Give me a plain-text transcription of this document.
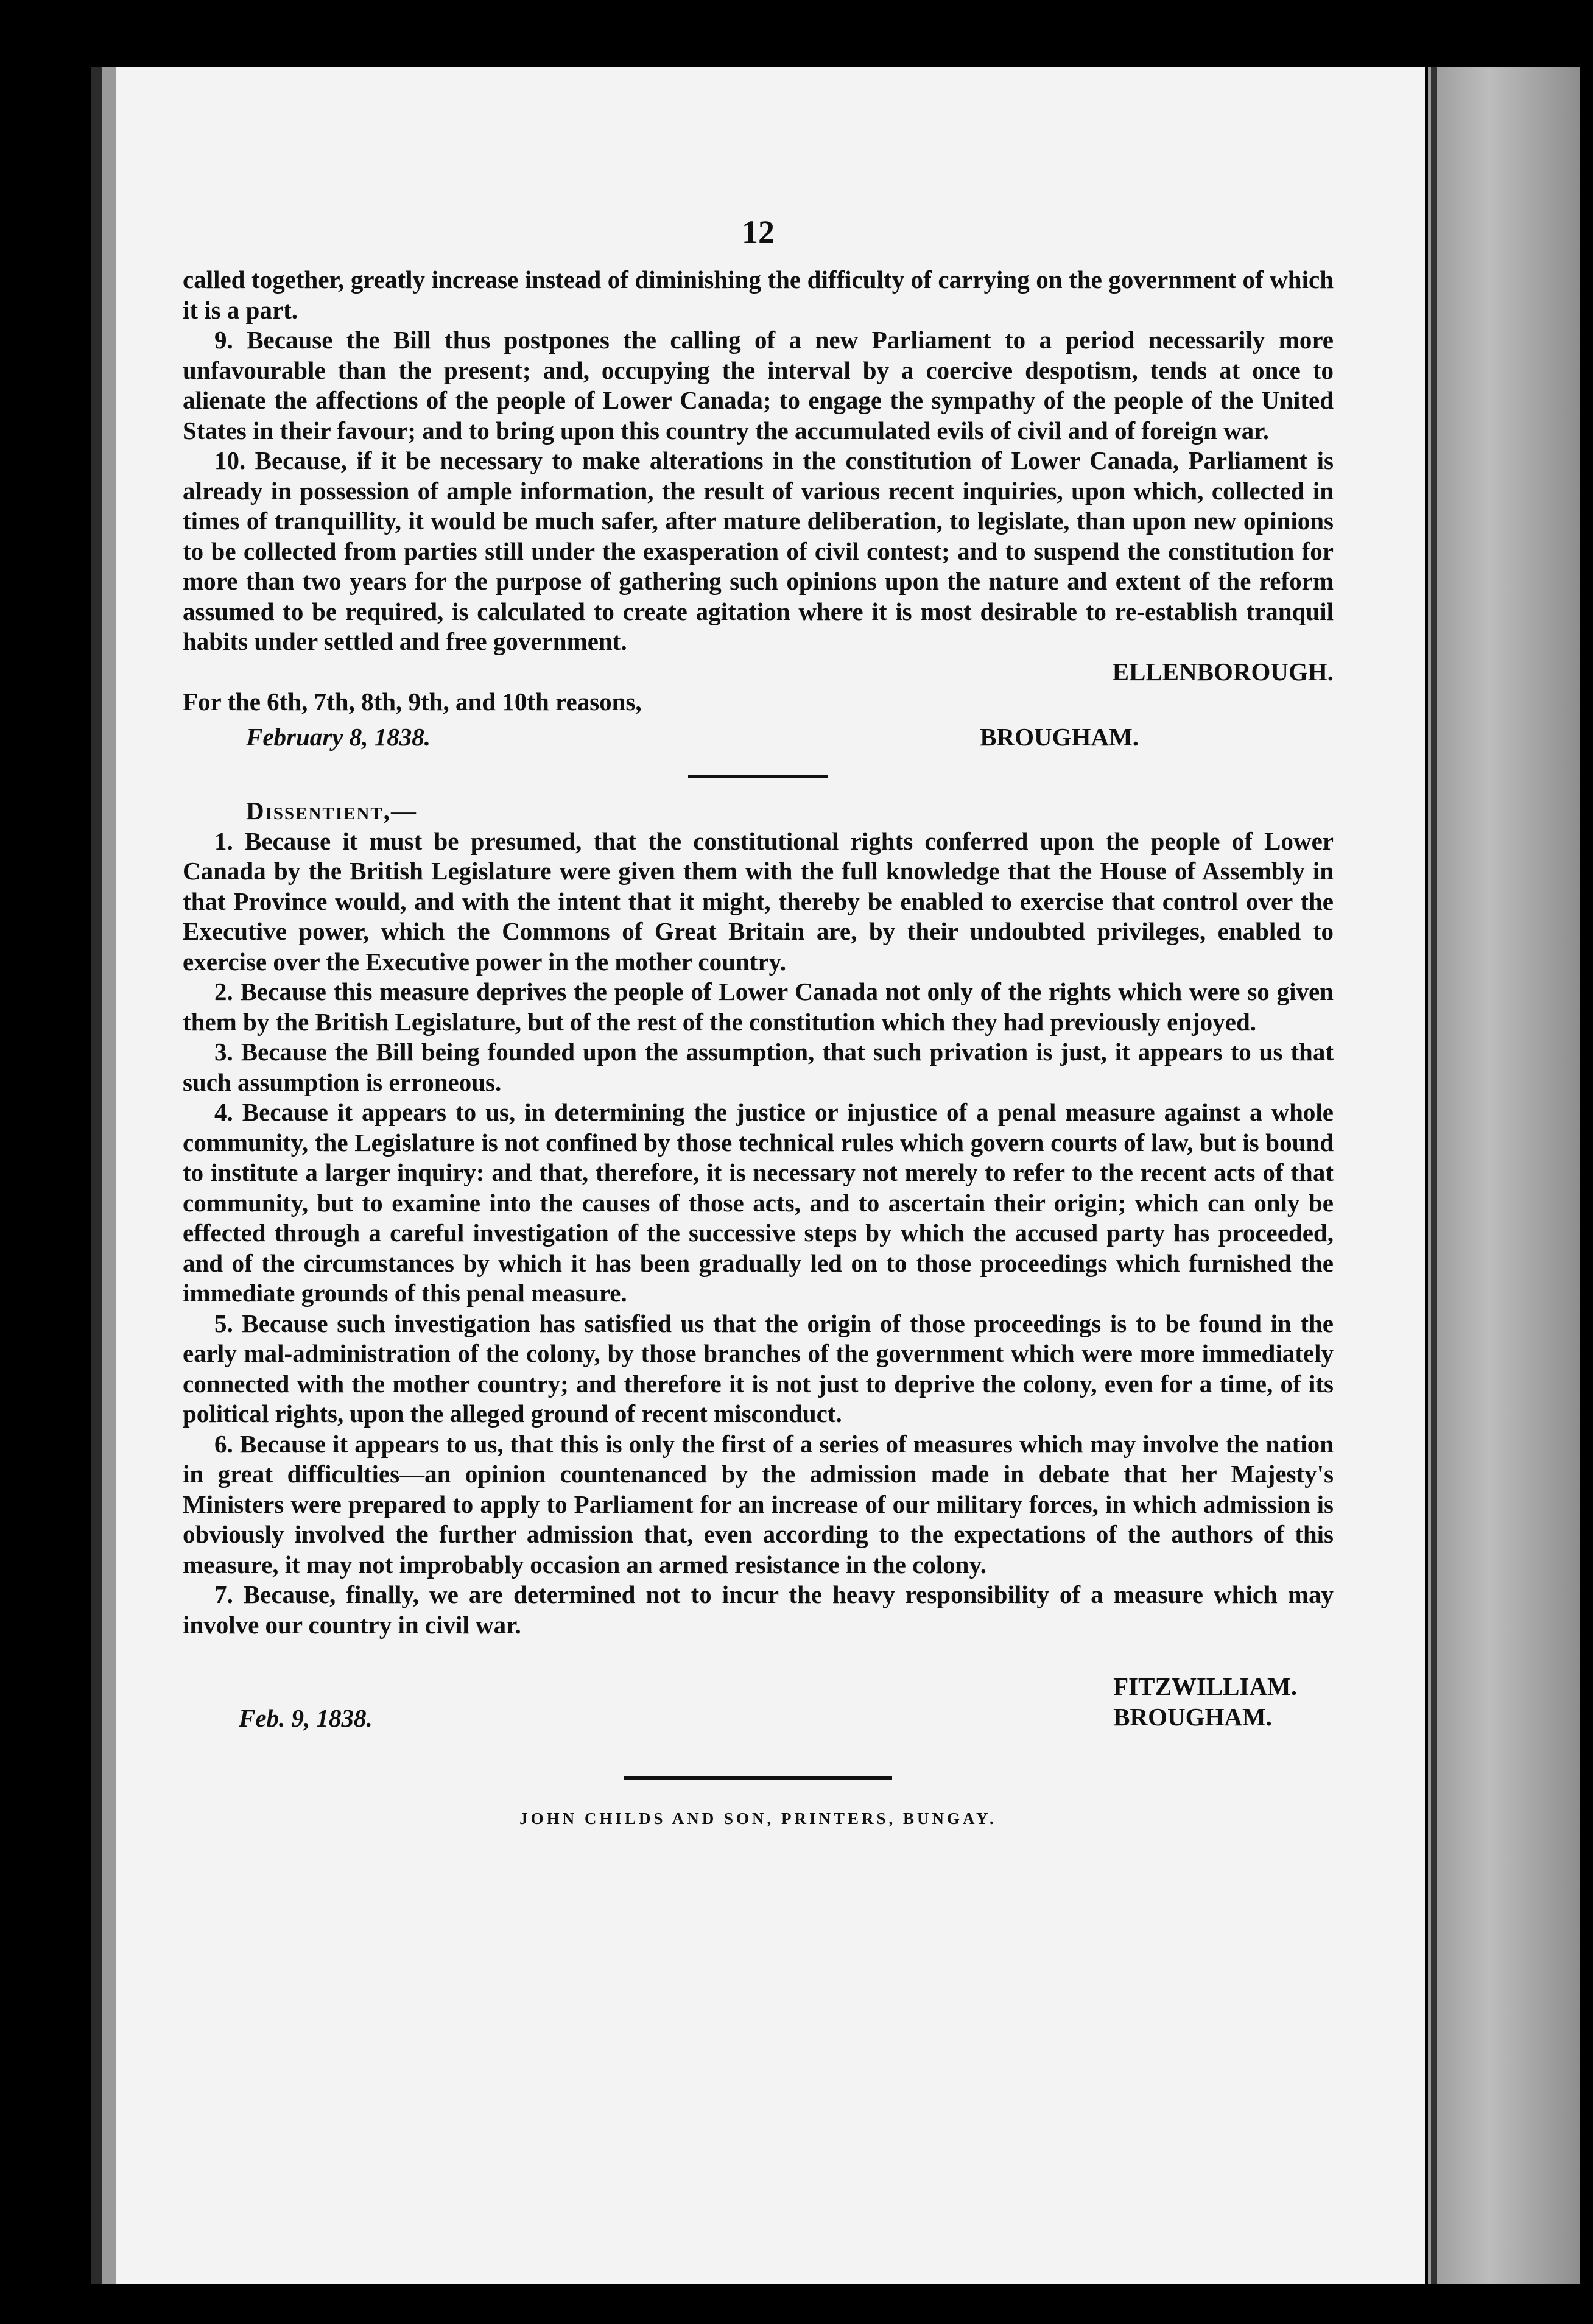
12

called together, greatly increase instead of diminishing the difficulty of carrying on the government of which it is a part.

9. Because the Bill thus postpones the calling of a new Parliament to a period necessarily more unfavourable than the present; and, occupying the interval by a coercive despotism, tends at once to alienate the affections of the people of Lower Canada; to engage the sympathy of the people of the United States in their favour; and to bring upon this country the accumulated evils of civil and of foreign war.

10. Because, if it be necessary to make alterations in the constitution of Lower Canada, Parliament is already in possession of ample information, the result of various recent inquiries, upon which, collected in times of tranquillity, it would be much safer, after mature deliberation, to legislate, than upon new opinions to be collected from parties still under the exasperation of civil contest; and to suspend the constitution for more than two years for the purpose of gathering such opinions upon the nature and extent of the reform assumed to be required, is calculated to create agitation where it is most desirable to re-establish tranquil habits under settled and free government.

ELLENBOROUGH.

For the 6th, 7th, 8th, 9th, and 10th reasons,

February 8, 1838.	BROUGHAM.

Dissentient,—

1. Because it must be presumed, that the constitutional rights conferred upon the people of Lower Canada by the British Legislature were given them with the full knowledge that the House of Assembly in that Province would, and with the intent that it might, thereby be enabled to exercise that control over the Executive power, which the Commons of Great Britain are, by their undoubted privileges, enabled to exercise over the Executive power in the mother country.

2. Because this measure deprives the people of Lower Canada not only of the rights which were so given them by the British Legislature, but of the rest of the constitution which they had previously enjoyed.

3. Because the Bill being founded upon the assumption, that such privation is just, it appears to us that such assumption is erroneous.

4. Because it appears to us, in determining the justice or injustice of a penal measure against a whole community, the Legislature is not confined by those technical rules which govern courts of law, but is bound to institute a larger inquiry: and that, therefore, it is necessary not merely to refer to the recent acts of that community, but to examine into the causes of those acts, and to ascertain their origin; which can only be effected through a careful investigation of the successive steps by which the accused party has proceeded, and of the circumstances by which it has been gradually led on to those proceedings which furnished the immediate grounds of this penal measure.

5. Because such investigation has satisfied us that the origin of those proceedings is to be found in the early mal-administration of the colony, by those branches of the government which were more immediately connected with the mother country; and therefore it is not just to deprive the colony, even for a time, of its political rights, upon the alleged ground of recent misconduct.

6. Because it appears to us, that this is only the first of a series of measures which may involve the nation in great difficulties—an opinion countenanced by the admission made in debate that her Majesty's Ministers were prepared to apply to Parliament for an increase of our military forces, in which admission is obviously involved the further admission that, even according to the expectations of the authors of this measure, it may not improbably occasion an armed resistance in the colony.

7. Because, finally, we are determined not to incur the heavy responsibility of a measure which may involve our country in civil war.

Feb. 9, 1838.
FITZWILLIAM.
BROUGHAM.
JOHN CHILDS AND SON, PRINTERS, BUNGAY.
